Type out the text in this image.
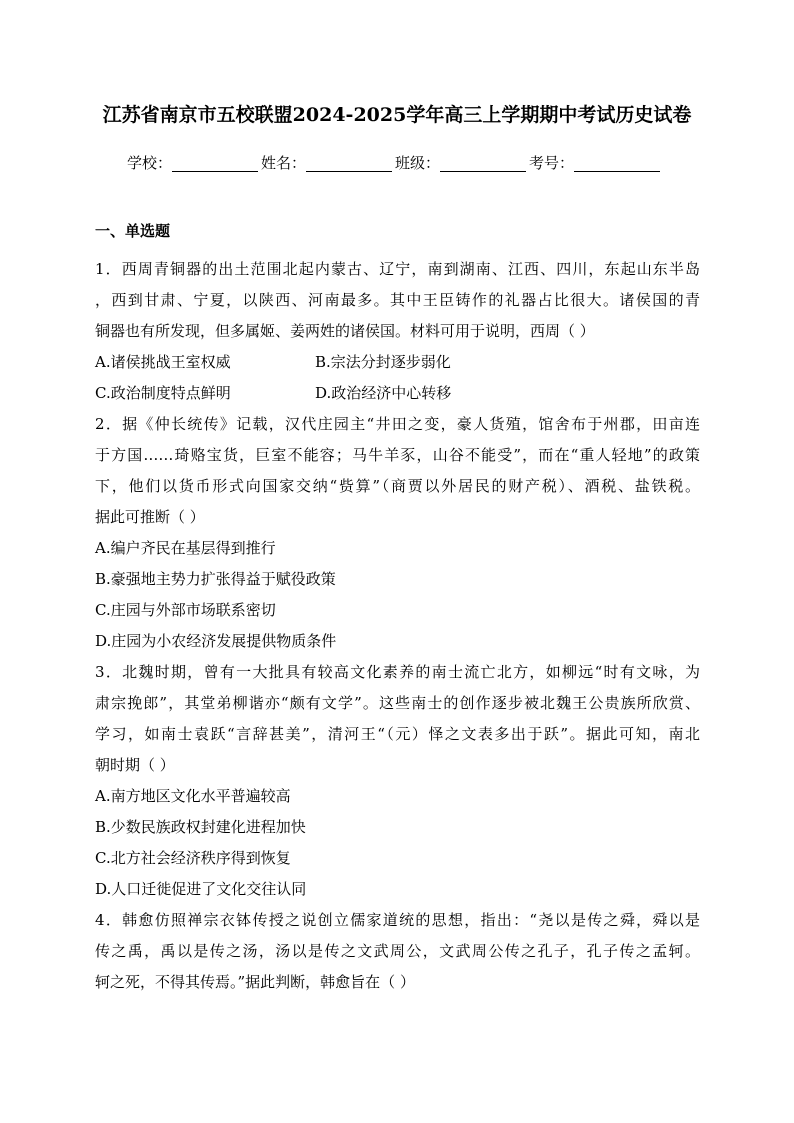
江苏省南京市五校联盟2024-2025学年高三上学期期中考试历史试卷
学校：	姓名：	班级：	考号：
一、单选题
1．西周青铜器的出土范围北起内蒙古、辽宁，南到湖南、江西、四川，东起山东半岛
，西到甘肃、宁夏，以陕西、河南最多。其中王臣铸作的礼器占比很大。诸侯国的青
铜器也有所发现，但多属姬、姜两姓的诸侯国。材料可用于说明，西周（ ）
A.诸侯挑战王室权威	B.宗法分封逐步弱化
C.政治制度特点鲜明	D.政治经济中心转移
2．据《仲长统传》记载，汉代庄园主“井田之变，豪人货殖，馆舍布于州郡，田亩连
于方国……琦赂宝货，巨室不能容；马牛羊豕，山谷不能受”，而在“重人轻地”的政策
下，他们以货币形式向国家交纳“赀算”（商贾以外居民的财产税）、酒税、盐铁税。
据此可推断（ ）
A.编户齐民在基层得到推行
B.豪强地主势力扩张得益于赋役政策
C.庄园与外部市场联系密切
D.庄园为小农经济发展提供物质条件
3．北魏时期，曾有一大批具有较高文化素养的南士流亡北方，如柳远“时有文咏，为
肃宗挽郎”，其堂弟柳谐亦“颇有文学”。这些南士的创作逐步被北魏王公贵族所欣赏、
学习，如南士袁跃“言辞甚美”，清河王“（元）怿之文表多出于跃”。据此可知，南北
朝时期（ ）
A.南方地区文化水平普遍较高
B.少数民族政权封建化进程加快
C.北方社会经济秩序得到恢复
D.人口迁徙促进了文化交往认同
4．韩愈仿照禅宗衣钵传授之说创立儒家道统的思想，指出：“尧以是传之舜，舜以是
传之禹，禹以是传之汤，汤以是传之文武周公，文武周公传之孔子，孔子传之孟轲。
轲之死，不得其传焉。”据此判断，韩愈旨在（ ）
